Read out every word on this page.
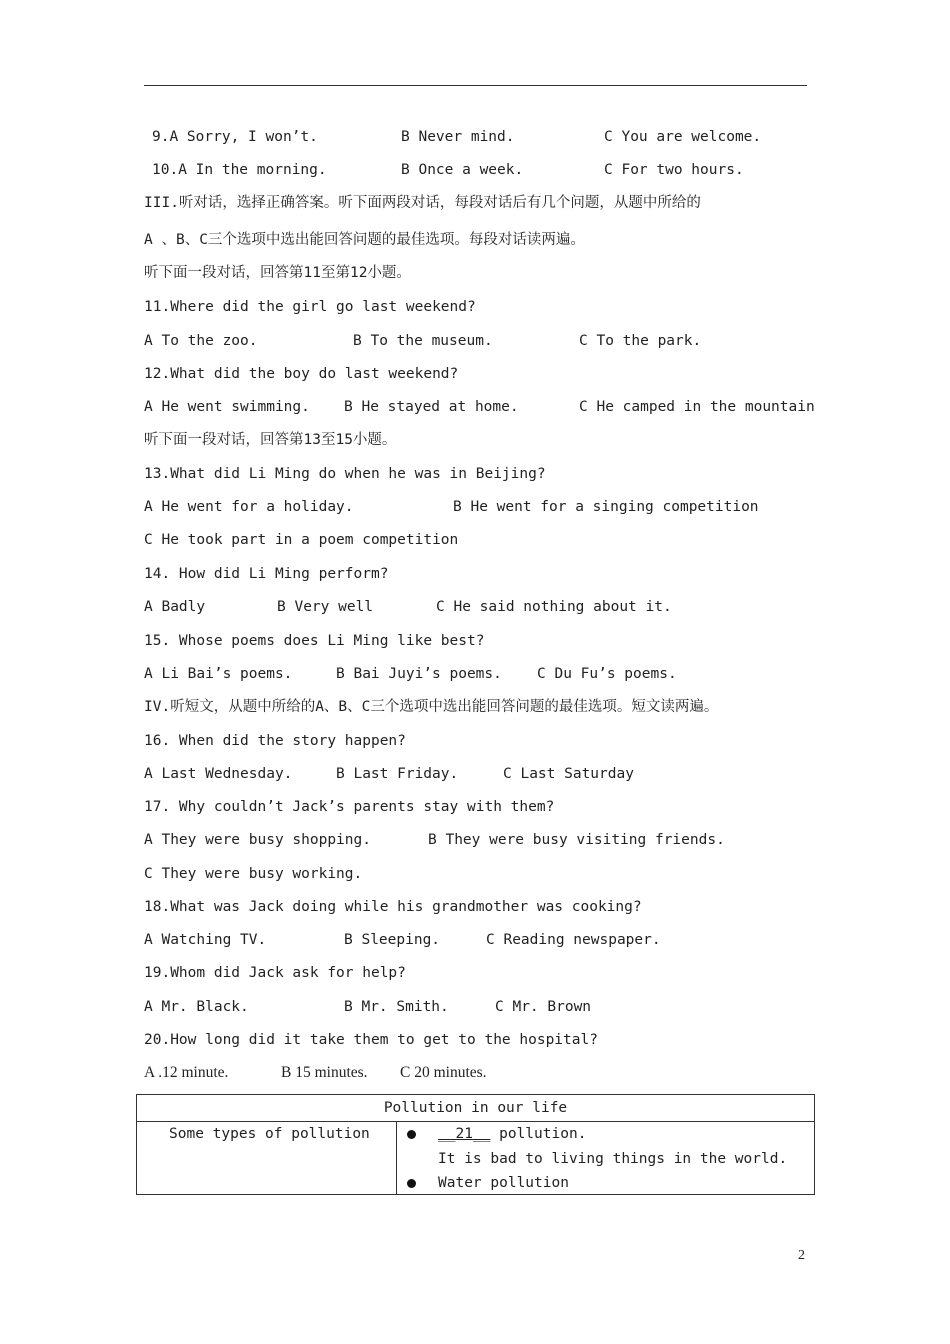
9.A Sorry, I won’t.	B Never mind.	C You are welcome.
10.A In the morning.	B Once a week.	C For two hours.
III.听对话，选择正确答案。听下面两段对话，每段对话后有几个问题，从题中所给的
A 、B、C三个选项中选出能回答问题的最佳选项。每段对话读两遍。
听下面一段对话，回答第11至第12小题。
11.Where did the girl go last weekend?
A To the zoo.	B To the museum.	C To the park.
12.What did the boy do last weekend?
A He went swimming. B He stayed at home.	C He camped in the mountain
听下面一段对话，回答第13至15小题。
13.What did Li Ming do when he was in Beijing?
A He went for a holiday.	B He went for a singing competition
C He took part in a poem competition
14. How did Li Ming perform?
A Badly	B Very well	C He said nothing about it.
15. Whose poems does Li Ming like best?
A Li Bai’s poems.	B Bai Juyi’s poems. C Du Fu’s poems.
IV.听短文，从题中所给的A、B、C三个选项中选出能回答问题的最佳选项。短文读两遍。
16. When did the story happen?
A Last Wednesday.	B Last Friday.	C Last Saturday
17. Why couldn’t Jack’s parents stay with them?
A They were busy shopping.	B They were busy visiting friends.
C They were busy working.
18.What was Jack doing while his grandmother was cooking?
A Watching TV.	B Sleeping.	C Reading newspaper.
19.Whom did Jack ask for help?
A Mr. Black.	B Mr. Smith.	C Mr. Brown
20.How long did it take them to get to the hospital?
A .12 minute.	B 15 minutes. C 20 minutes.
Pollution in our life

Some types of pollution	__21__ pollution.
It is bad to living things in the world.
Water pollution
2
